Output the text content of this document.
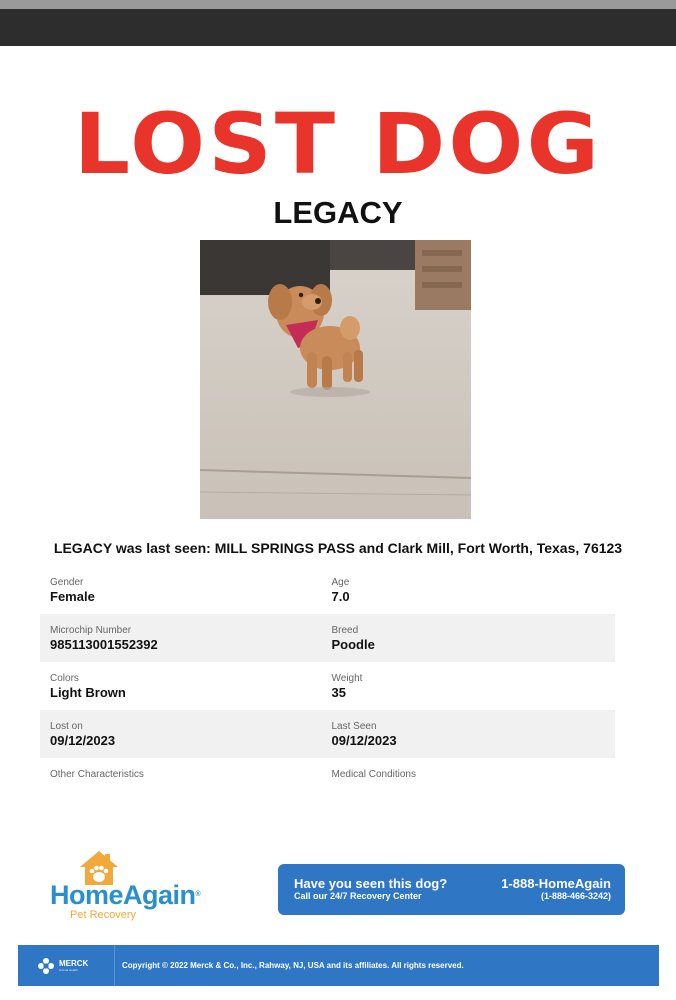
LOST DOG
LEGACY
LEGACY was last seen: MILL SPRINGS PASS and Clark Mill, Fort Worth, Texas, 76123
Gender
Female
Age
7.0
Microchip Number
985113001552392
Breed
Poodle
Colors
Light Brown
Weight
35
Lost on
09/12/2023
Last Seen
09/12/2023
Other Characteristics	Medical Conditions
HomeAgain®
Pet Recovery
Have you seen this dog?
Call our 24/7 Recovery Center
1-888-HomeAgain
(1-888-466-3242)
MERCK
Animal Health	Copyright © 2022 Merck & Co., Inc., Rahway, NJ, USA and its affiliates. All rights reserved.
